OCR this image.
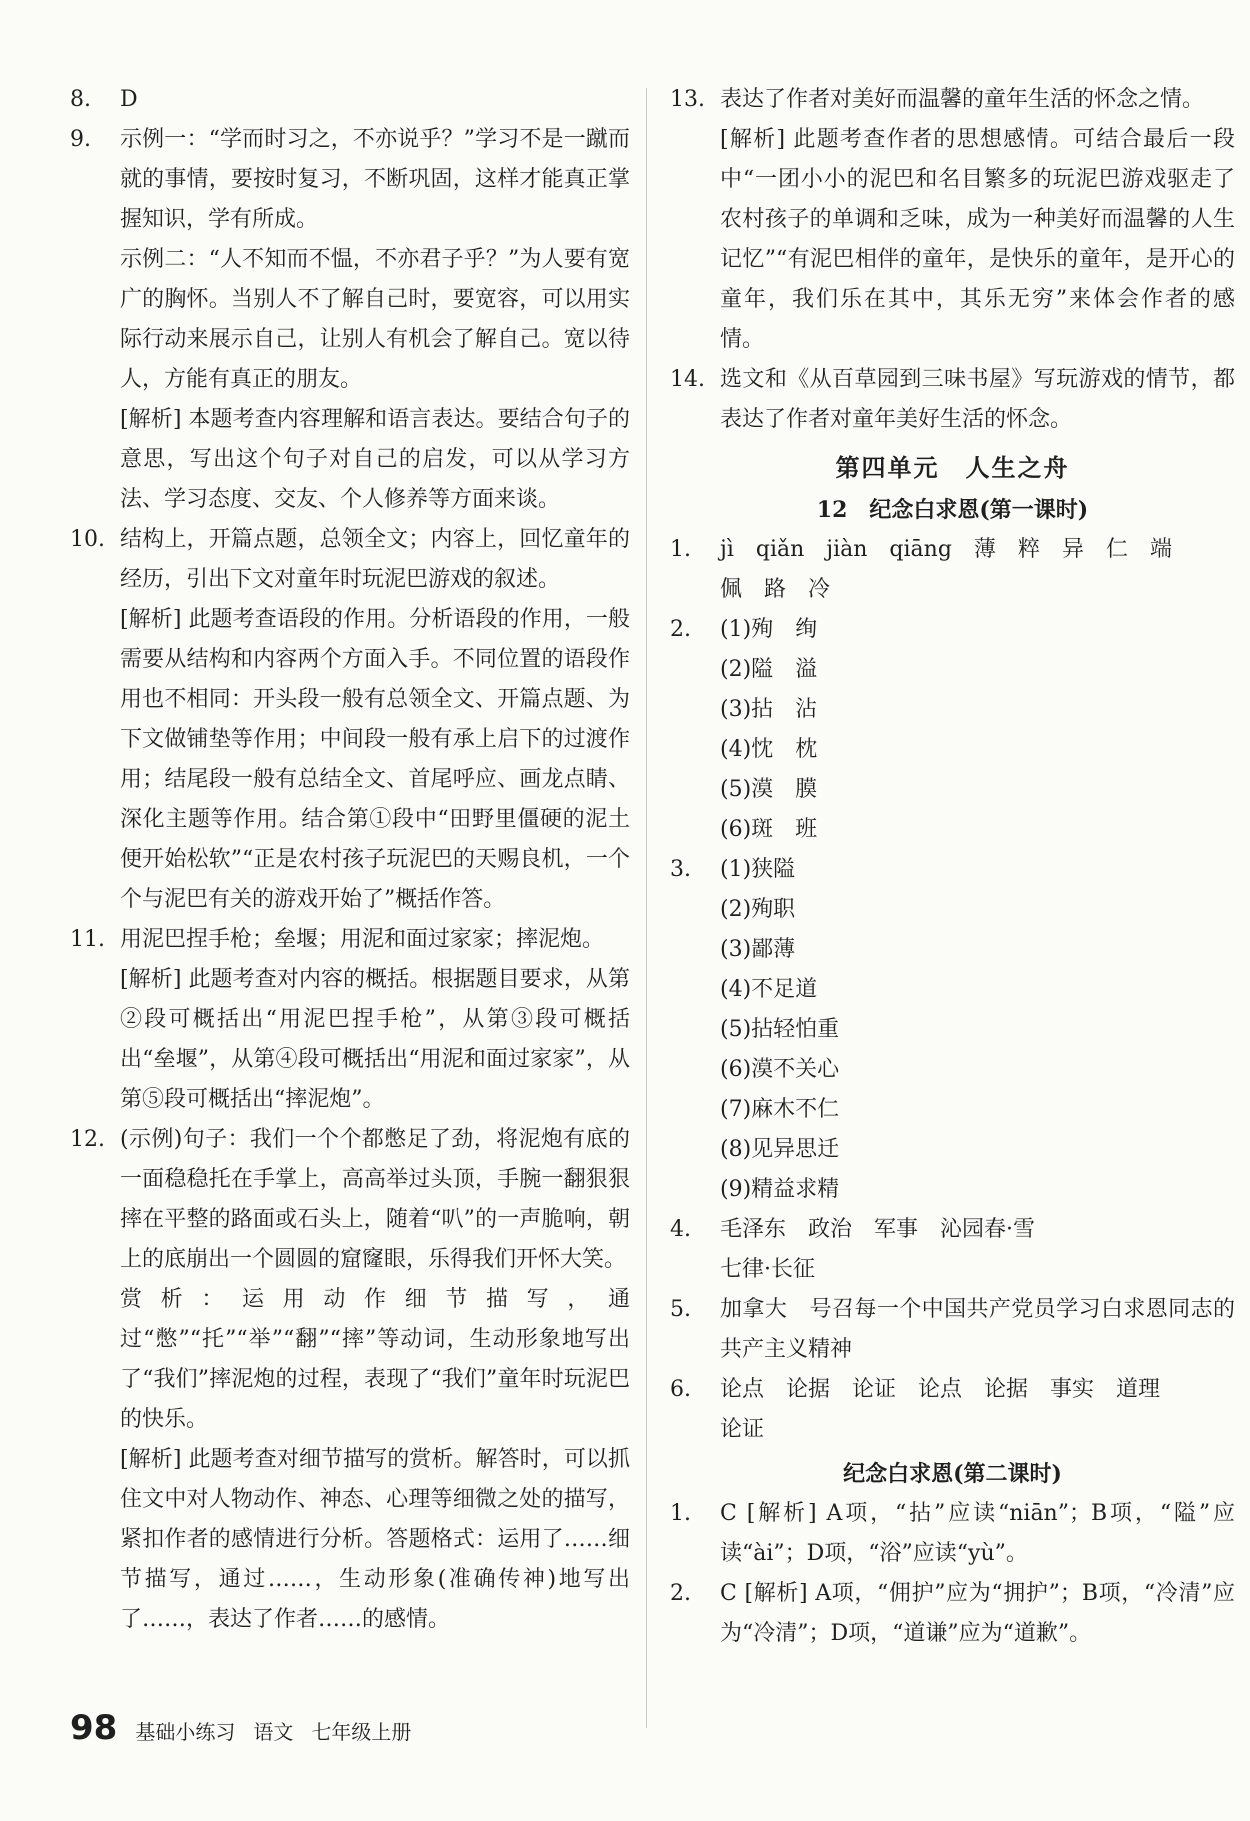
8. D

9. 示例一：“学而时习之，不亦说乎？”学习不是一蹴而就的事情，要按时复习，不断巩固，这样才能真正掌握知识，学有所成。

示例二：“人不知而不愠，不亦君子乎？”为人要有宽广的胸怀。当别人不了解自己时，要宽容，可以用实际行动来展示自己，让别人有机会了解自己。宽以待人，方能有真正的朋友。

[解析] 本题考查内容理解和语言表达。要结合句子的意思，写出这个句子对自己的启发，可以从学习方法、学习态度、交友、个人修养等方面来谈。

10. 结构上，开篇点题，总领全文；内容上，回忆童年的经历，引出下文对童年时玩泥巴游戏的叙述。

[解析] 此题考查语段的作用。分析语段的作用，一般需要从结构和内容两个方面入手。不同位置的语段作用也不相同：开头段一般有总领全文、开篇点题、为下文做铺垫等作用；中间段一般有承上启下的过渡作用；结尾段一般有总结全文、首尾呼应、画龙点睛、深化主题等作用。结合第①段中“田野里僵硬的泥土便开始松软”“正是农村孩子玩泥巴的天赐良机，一个个与泥巴有关的游戏开始了”概括作答。

11. 用泥巴捏手枪；垒堰；用泥和面过家家；摔泥炮。

[解析] 此题考查对内容的概括。根据题目要求，从第②段可概括出“用泥巴捏手枪”，从第③段可概括出“垒堰”，从第④段可概括出“用泥和面过家家”，从第⑤段可概括出“摔泥炮”。

12. (示例)句子：我们一个个都憋足了劲，将泥炮有底的一面稳稳托在手掌上，高高举过头顶，手腕一翻狠狠摔在平整的路面或石头上，随着“叭”的一声脆响，朝上的底崩出一个圆圆的窟窿眼，乐得我们开怀大笑。

赏析：运用动作细节描写，通过“憋”“托”“举”“翻”“摔”等动词，生动形象地写出了“我们”摔泥炮的过程，表现了“我们”童年时玩泥巴的快乐。

[解析] 此题考查对细节描写的赏析。解答时，可以抓住文中对人物动作、神态、心理等细微之处的描写，紧扣作者的感情进行分析。答题格式：运用了……细节描写，通过……，生动形象(准确传神)地写出了……，表达了作者……的感情。

13. 表达了作者对美好而温馨的童年生活的怀念之情。

[解析] 此题考查作者的思想感情。可结合最后一段中“一团小小的泥巴和名目繁多的玩泥巴游戏驱走了农村孩子的单调和乏味，成为一种美好而温馨的人生记忆”“有泥巴相伴的童年，是快乐的童年，是开心的童年，我们乐在其中，其乐无穷”来体会作者的感情。

14. 选文和《从百草园到三味书屋》写玩游戏的情节，都表达了作者对童年美好生活的怀念。

第四单元　人生之舟

12　纪念白求恩(第一课时)

1. jì qiǎn jiàn qiāng 薄 粹 异 仁 端
佩 路 冷
2. (1)殉　绚
(2)隘　溢
(3)拈　沾
(4)忱　枕
(5)漠　膜
(6)斑　班
3. (1)狭隘
(2)殉职
(3)鄙薄
(4)不足道
(5)拈轻怕重
(6)漠不关心
(7)麻木不仁
(8)见异思迁
(9)精益求精
4. 毛泽东　政治　军事　沁园春·雪
七律·长征

5. 加拿大　号召每一个中国共产党员学习白求恩同志的共产主义精神

6. 论点　论据　论证　论点　论据　事实　道理
论证

纪念白求恩(第二课时)

1. C [解析] A项，“拈”应读“niān”；B项，“隘”应读“ài”；D项，“浴”应读“yù”。

2. C [解析] A项，“佣护”应为“拥护”；B项，“冷清”应为“冷清”；D项，“道谦”应为“道歉”。

98 基础小练习 语文 七年级上册
